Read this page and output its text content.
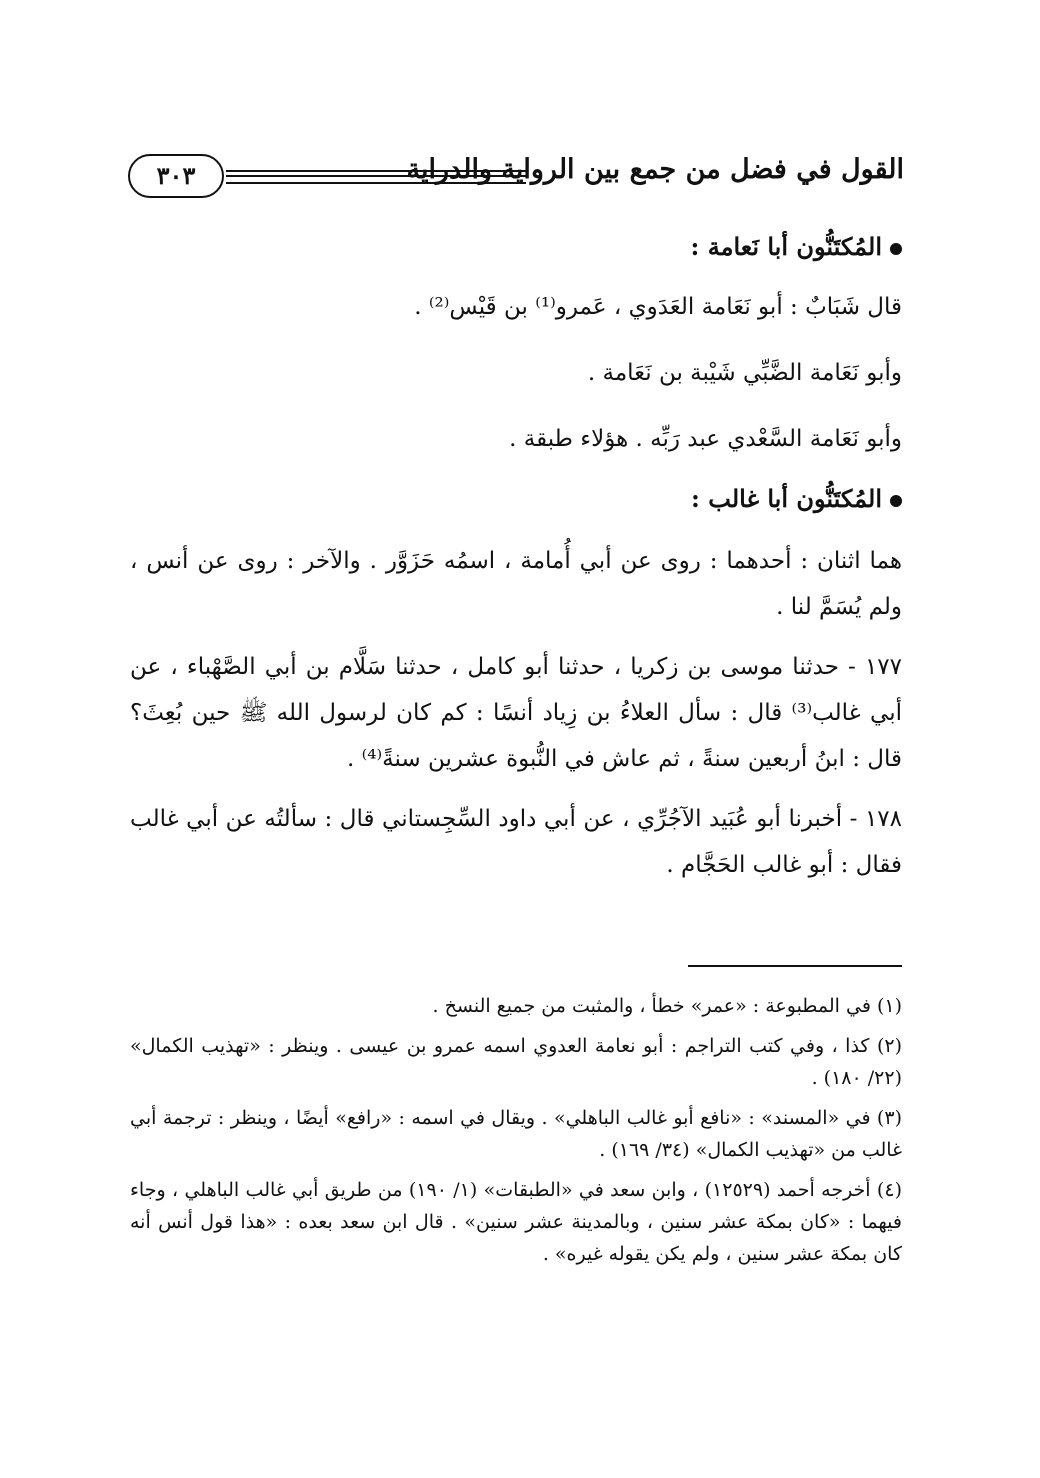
القول في فضل من جمع بين الرواية والدراية
٣٠٣

المُكتَنُّون أبا نَعامة :

قال شَبَابٌ : أبو نَعَامة العَدَوي ، عَمرو⁽¹⁾ بن قَيْس⁽²⁾ .

وأبو نَعَامة الضَّبِّي شَيْبة بن نَعَامة .

وأبو نَعَامة السَّعْدي عبد رَبِّه . هؤلاء طبقة .

المُكتَنُّون أبا غالب :

هما اثنان : أحدهما : روى عن أبي أُمامة ، اسمُه حَزَوَّر . والآخر : روى عن أنس ، ولم يُسَمَّ لنا .

١٧٧ - حدثنا موسى بن زكريا ، حدثنا أبو كامل ، حدثنا سَلَّام بن أبي الصَّهْباء ، عن أبي غالب⁽³⁾ قال : سأل العلاءُ بن زِياد أنسًا : كم كان لرسول الله ﷺ حين بُعِثَ؟ قال : ابنُ أربعين سنةً ، ثم عاش في النُّبوة عشرين سنةً⁽⁴⁾ .

١٧٨ - أخبرنا أبو عُبَيد الآجُرِّي ، عن أبي داود السِّجِستاني قال : سألتُه عن أبي غالب فقال : أبو غالب الحَجَّام .

(١) في المطبوعة : «عمر» خطأ ، والمثبت من جميع النسخ .

(٢) كذا ، وفي كتب التراجم : أبو نعامة العدوي اسمه عمرو بن عيسى . وينظر : «تهذيب الكمال» (٢٢/ ١٨٠) .

(٣) في «المسند» : «نافع أبو غالب الباهلي» . ويقال في اسمه : «رافع» أيضًا ، وينظر : ترجمة أبي غالب من «تهذيب الكمال» (٣٤/ ١٦٩) .

(٤) أخرجه أحمد (١٢٥٢٩) ، وابن سعد في «الطبقات» (١/ ١٩٠) من طريق أبي غالب الباهلي ، وجاء فيهما : «كان بمكة عشر سنين ، وبالمدينة عشر سنين» . قال ابن سعد بعده : «هذا قول أنس أنه كان بمكة عشر سنين ، ولم يكن يقوله غيره» .
